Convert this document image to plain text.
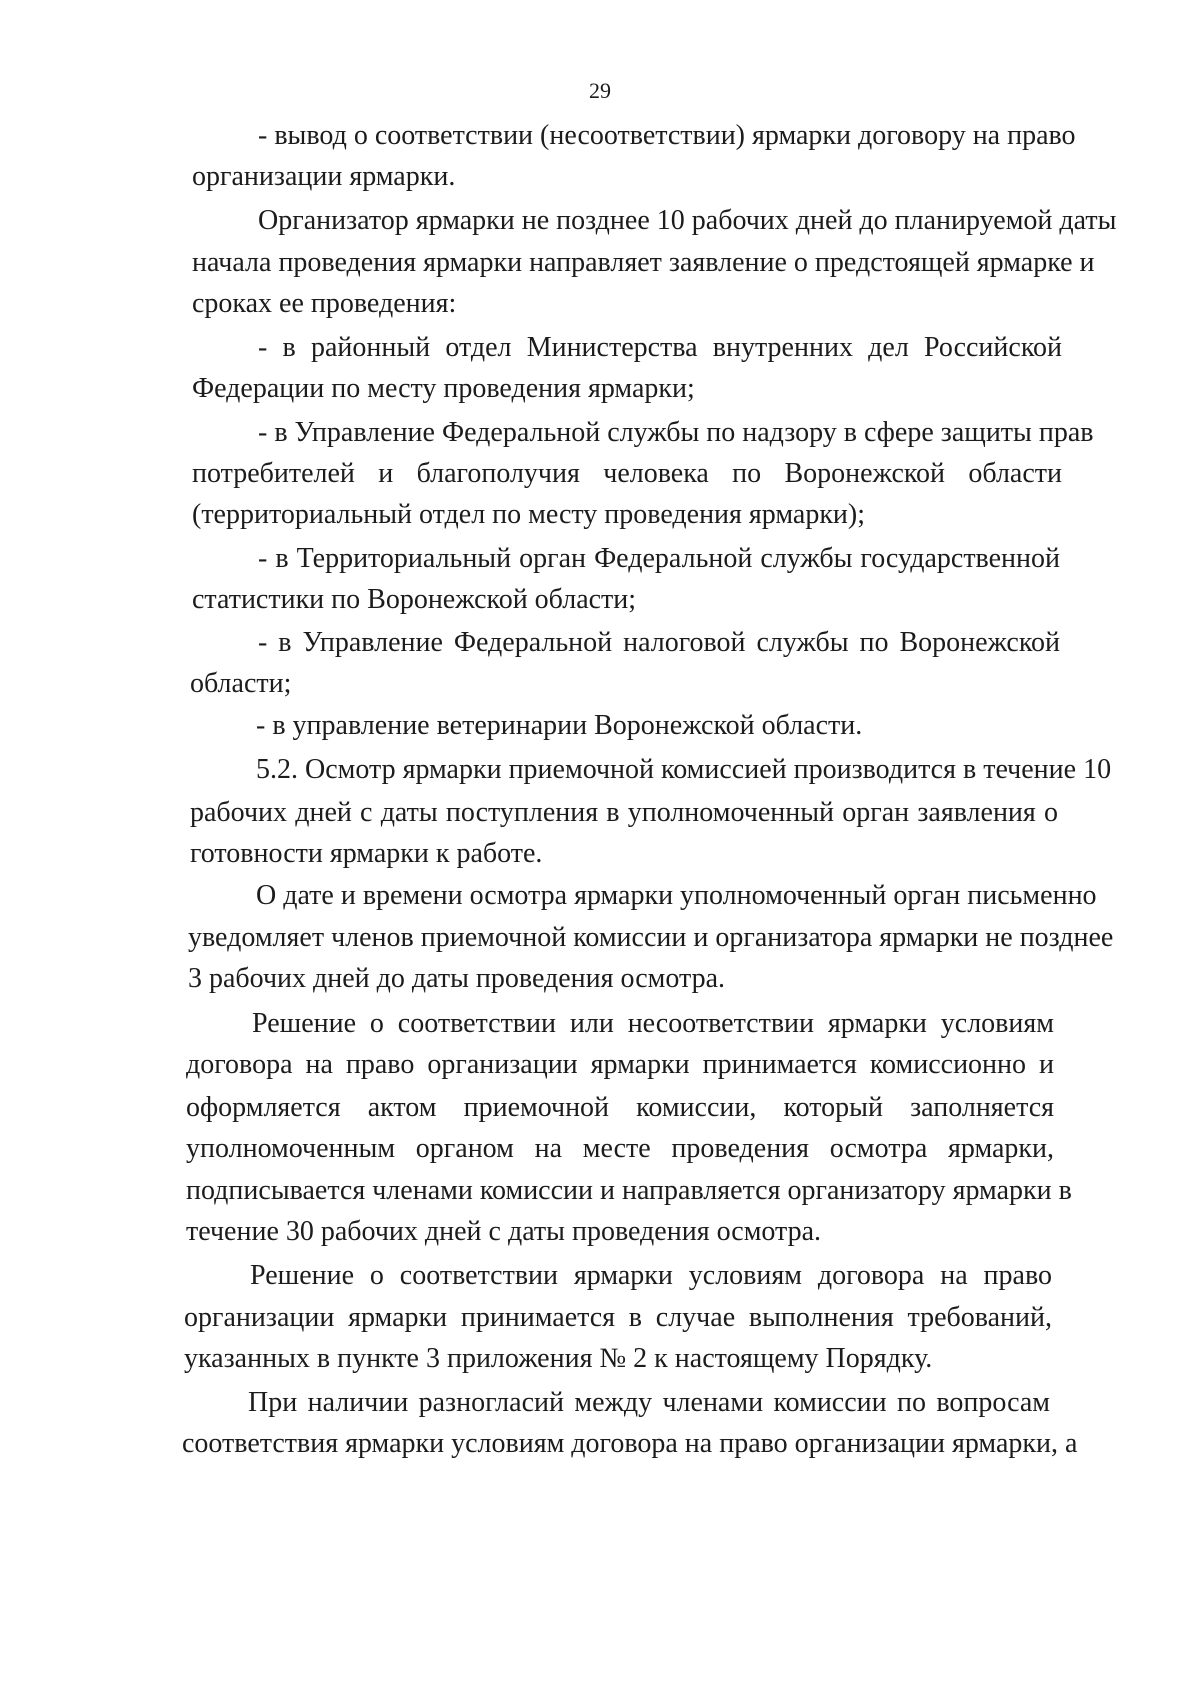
29
- вывод о соответствии (несоответствии) ярмарки договору на право
организации ярмарки.
Организатор ярмарки не позднее 10 рабочих дней до планируемой даты
начала проведения ярмарки направляет заявление о предстоящей ярмарке и
сроках ее проведения:
- в районный отдел Министерства внутренних дел Российской
Федерации по месту проведения ярмарки;
- в Управление Федеральной службы по надзору в сфере защиты прав
потребителей и благополучия человека по Воронежской области
(территориальный отдел по месту проведения ярмарки);
- в Территориальный орган Федеральной службы государственной
статистики по Воронежской области;
- в Управление Федеральной налоговой службы по Воронежской
области;
- в управление ветеринарии Воронежской области.
5.2. Осмотр ярмарки приемочной комиссией производится в течение 10
рабочих дней с даты поступления в уполномоченный орган заявления о
готовности ярмарки к работе.
О дате и времени осмотра ярмарки уполномоченный орган письменно
уведомляет членов приемочной комиссии и организатора ярмарки не позднее
3 рабочих дней до даты проведения осмотра.
Решение о соответствии или несоответствии ярмарки условиям
договора на право организации ярмарки принимается комиссионно и
оформляется актом приемочной комиссии, который заполняется
уполномоченным органом на месте проведения осмотра ярмарки,
подписывается членами комиссии и направляется организатору ярмарки в
течение 30 рабочих дней с даты проведения осмотра.
Решение о соответствии ярмарки условиям договора на право
организации ярмарки принимается в случае выполнения требований,
указанных в пункте 3 приложения № 2 к настоящему Порядку.
При наличии разногласий между членами комиссии по вопросам
соответствия ярмарки условиям договора на право организации ярмарки, а
